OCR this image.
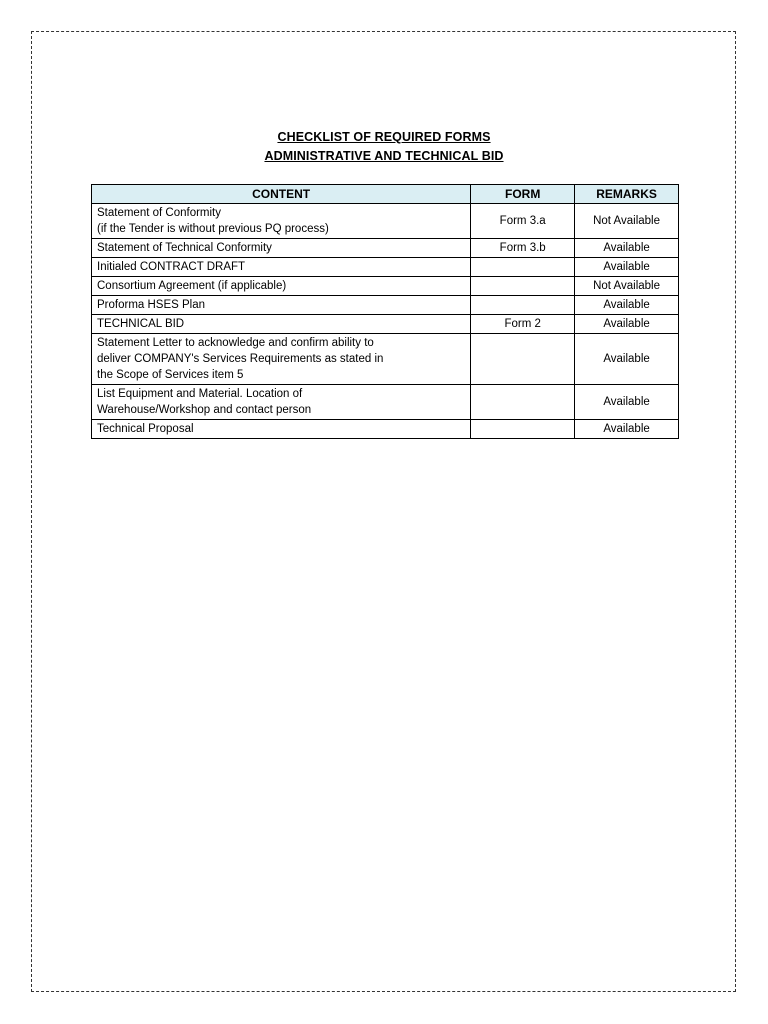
CHECKLIST OF REQUIRED FORMS
ADMINISTRATIVE AND TECHNICAL BID
CONTENT	FORM	REMARKS

Statement of Conformity
(if the Tender is without previous PQ process)	Form 3.a	Not Available
Statement of Technical Conformity	Form 3.b	Available
Initialed CONTRACT DRAFT		Available
Consortium Agreement (if applicable)		Not Available
Proforma HSES Plan		Available
TECHNICAL BID	Form 2	Available

Statement Letter to acknowledge and confirm ability to
deliver COMPANY's Services Requirements as stated in
the Scope of Services item 5		Available

List Equipment and Material. Location of
Warehouse/Workshop and contact person		Available
Technical Proposal		Available
